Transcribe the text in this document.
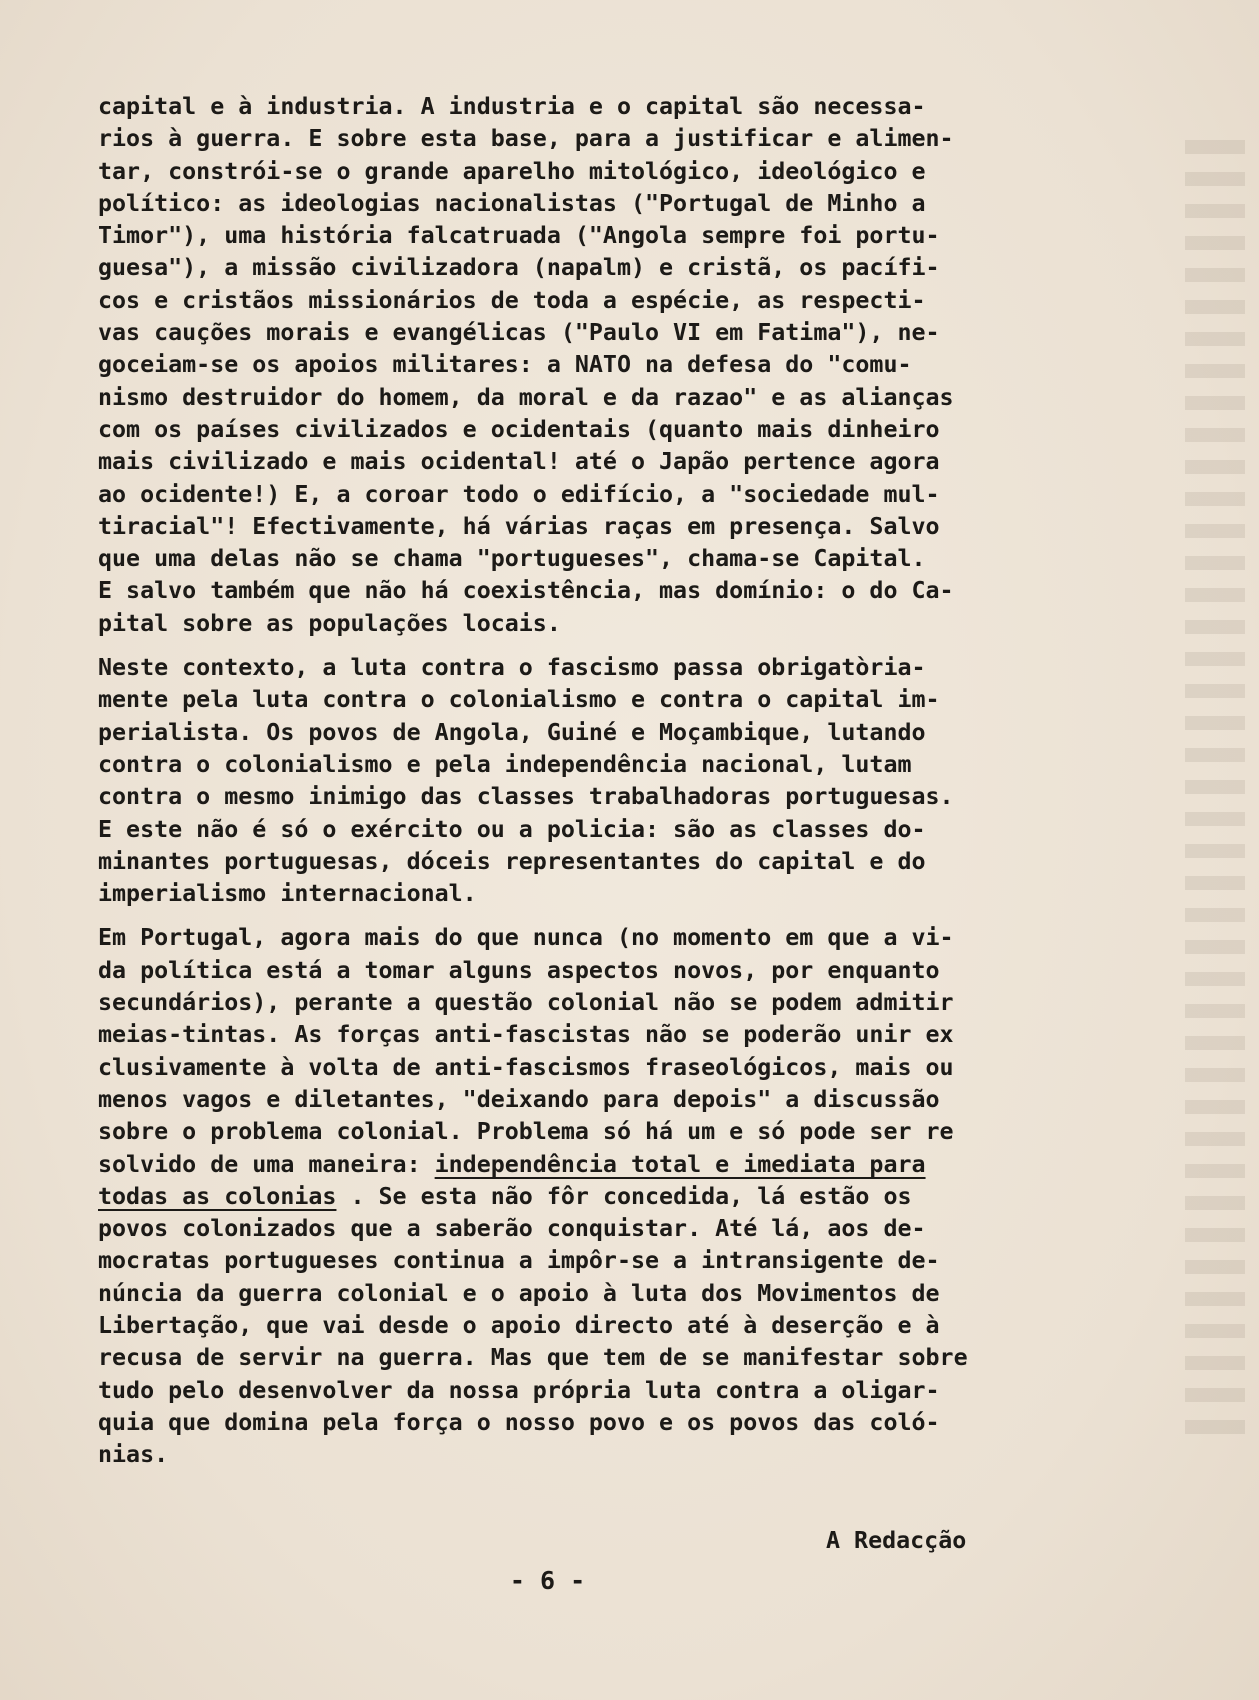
capital e à industria. A industria e o capital são necessa-
rios à guerra. E sobre esta base, para a justificar e alimen-
tar, constrói-se o grande aparelho mitológico, ideológico e
político: as ideologias nacionalistas ("Portugal de Minho a
Timor"), uma história falcatruada ("Angola sempre foi portu-
guesa"), a missão civilizadora (napalm) e cristã, os pacífi-
cos e cristãos missionários de toda a espécie, as respecti-
vas cauções morais e evangélicas ("Paulo VI em Fatima"), ne-
goceiam-se os apoios militares: a NATO na defesa do "comu-
nismo destruidor do homem, da moral e da razao" e as alianças
com os países civilizados e ocidentais (quanto mais dinheiro
mais civilizado e mais ocidental! até o Japão pertence agora
ao ocidente!) E, a coroar todo o edifício, a "sociedade mul-
tiracial"! Efectivamente, há várias raças em presença. Salvo
que uma delas não se chama "portugueses", chama-se Capital.
E salvo também que não há coexistência, mas domínio: o do Ca-
pital sobre as populações locais.

Neste contexto, a luta contra o fascismo passa obrigatòria-
mente pela luta contra o colonialismo e contra o capital im-
perialista. Os povos de Angola, Guiné e Moçambique, lutando
contra o colonialismo e pela independência nacional, lutam
contra o mesmo inimigo das classes trabalhadoras portuguesas.
E este não é só o exército ou a policia: são as classes do-
minantes portuguesas, dóceis representantes do capital e do
imperialismo internacional.

Em Portugal, agora mais do que nunca (no momento em que a vi-
da política está a tomar alguns aspectos novos, por enquanto
secundários), perante a questão colonial não se podem admitir
meias-tintas. As forças anti-fascistas não se poderão unir ex
clusivamente à volta de anti-fascismos fraseológicos, mais ou
menos vagos e diletantes, "deixando para depois" a discussão
sobre o problema colonial. Problema só há um e só pode ser re
solvido de uma maneira: independência total e imediata para
todas as colonias . Se esta não fôr concedida, lá estão os
povos colonizados que a saberão conquistar. Até lá, aos de-
mocratas portugueses continua a impôr-se a intransigente de-
núncia da guerra colonial e o apoio à luta dos Movimentos de
Libertação, que vai desde o apoio directo até à deserção e à
recusa de servir na guerra. Mas que tem de se manifestar sobre
tudo pelo desenvolver da nossa própria luta contra a oligar-
quia que domina pela força o nosso povo e os povos das coló-
nias.

A Redacção
- 6 -
